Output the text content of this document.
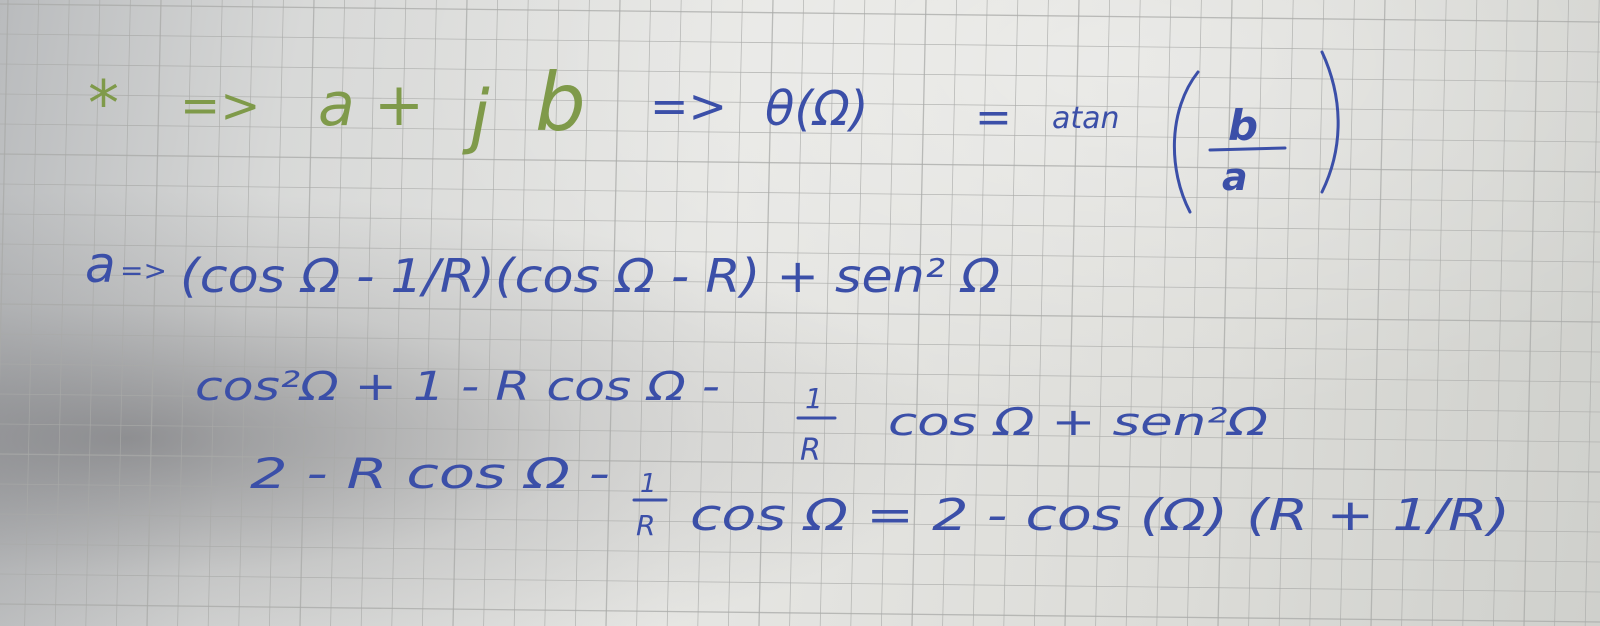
* => a + j b => θ(Ω) = atan	b
a
a => (cos Ω - 1/R)(cos Ω - R) + sen² Ω
cos²Ω + 1 - R cos Ω -	1
R
cos Ω + sen²Ω
2 - R cos Ω - 1
R cos Ω = 2 - cos (Ω) (R + 1/R)
